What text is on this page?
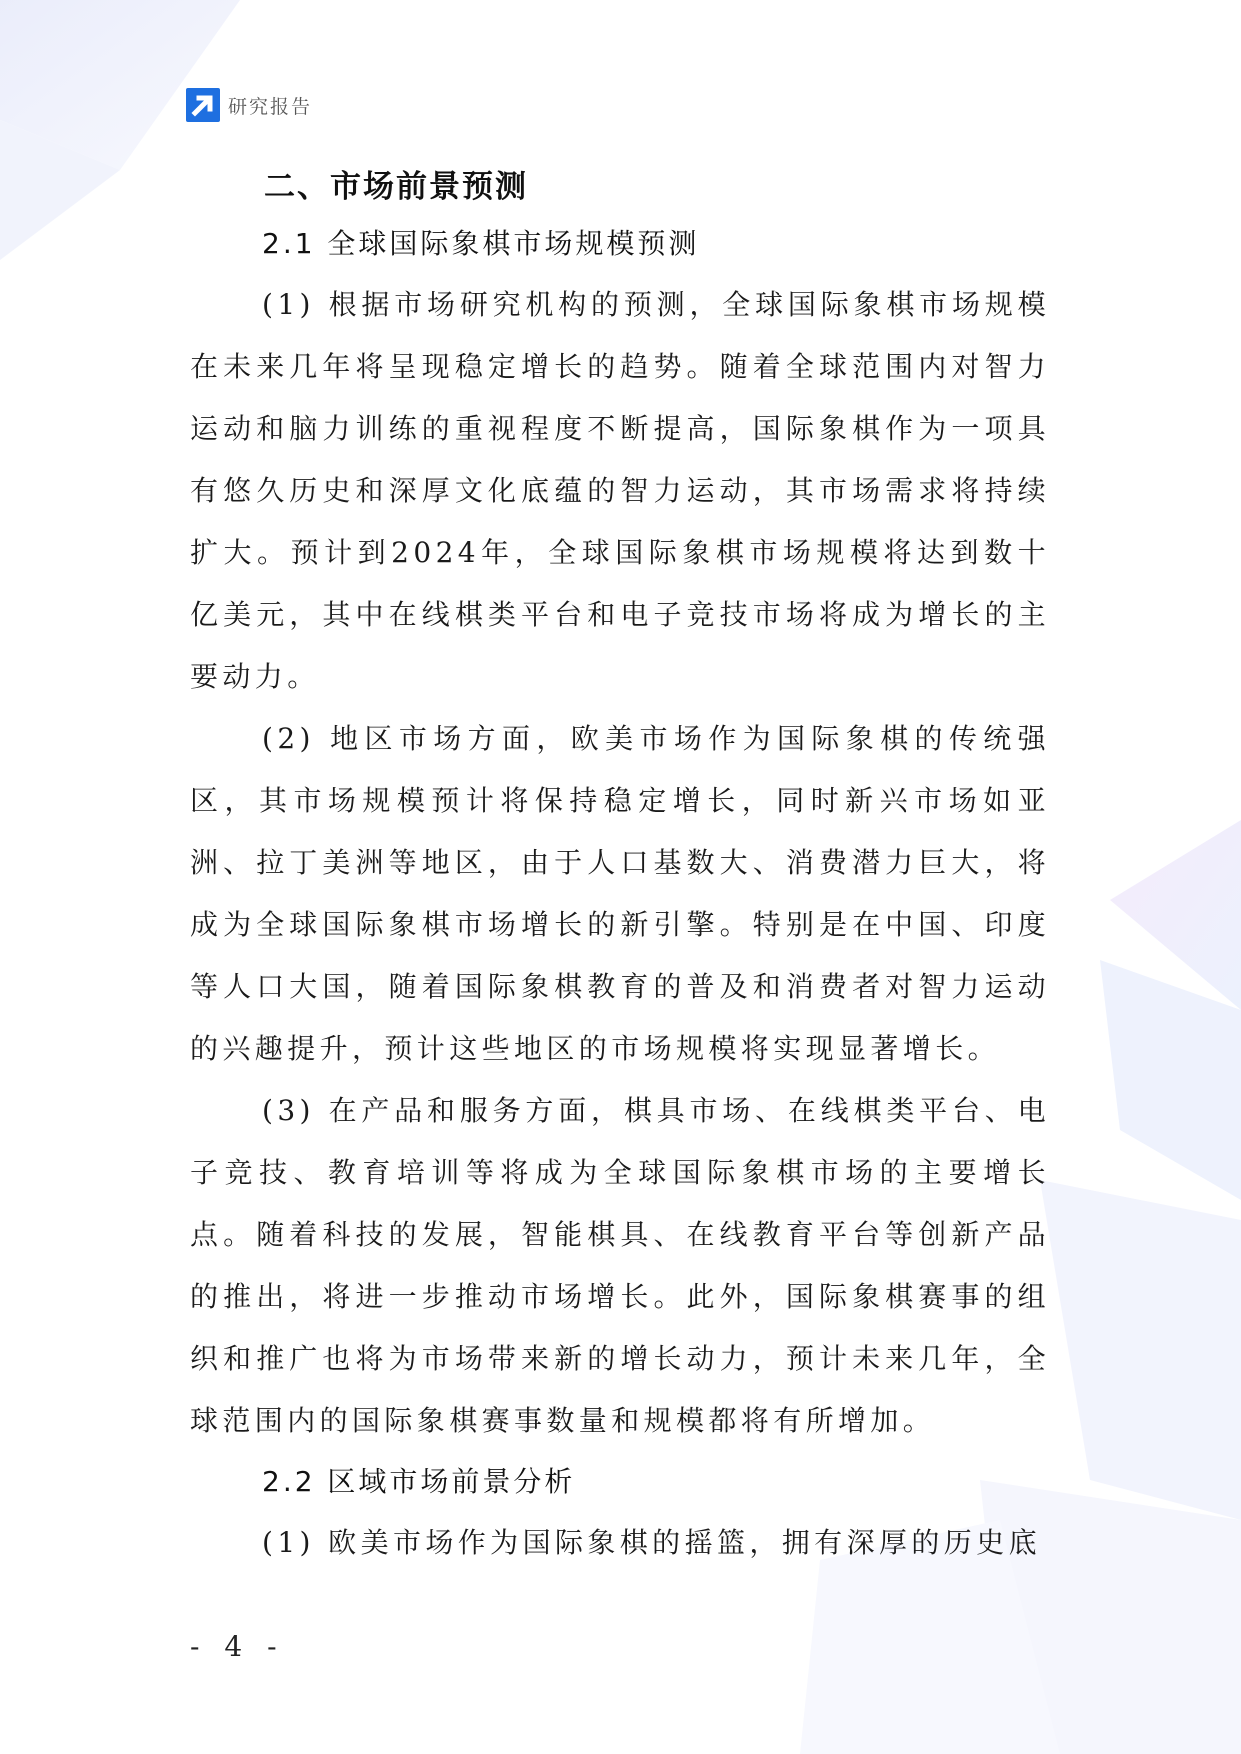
研究报告
二、市场前景预测
2.1 全球国际象棋市场规模预测

(1) 根据市场研究机构的预测，全球国际象棋市场规模在未来几年将呈现稳定增长的趋势。随着全球范围内对智力运动和脑力训练的重视程度不断提高，国际象棋作为一项具有悠久历史和深厚文化底蕴的智力运动，其市场需求将持续扩大。预计到2024年，全球国际象棋市场规模将达到数十亿美元，其中在线棋类平台和电子竞技市场将成为增长的主要动力。

(2) 地区市场方面，欧美市场作为国际象棋的传统强区，其市场规模预计将保持稳定增长，同时新兴市场如亚洲、拉丁美洲等地区，由于人口基数大、消费潜力巨大，将成为全球国际象棋市场增长的新引擎。特别是在中国、印度等人口大国，随着国际象棋教育的普及和消费者对智力运动的兴趣提升，预计这些地区的市场规模将实现显著增长。

(3) 在产品和服务方面，棋具市场、在线棋类平台、电子竞技、教育培训等将成为全球国际象棋市场的主要增长点。随着科技的发展，智能棋具、在线教育平台等创新产品的推出，将进一步推动市场增长。此外，国际象棋赛事的组织和推广也将为市场带来新的增长动力，预计未来几年，全球范围内的国际象棋赛事数量和规模都将有所增加。

2.2 区域市场前景分析

(1) 欧美市场作为国际象棋的摇篮，拥有深厚的历史底

- 4 -
